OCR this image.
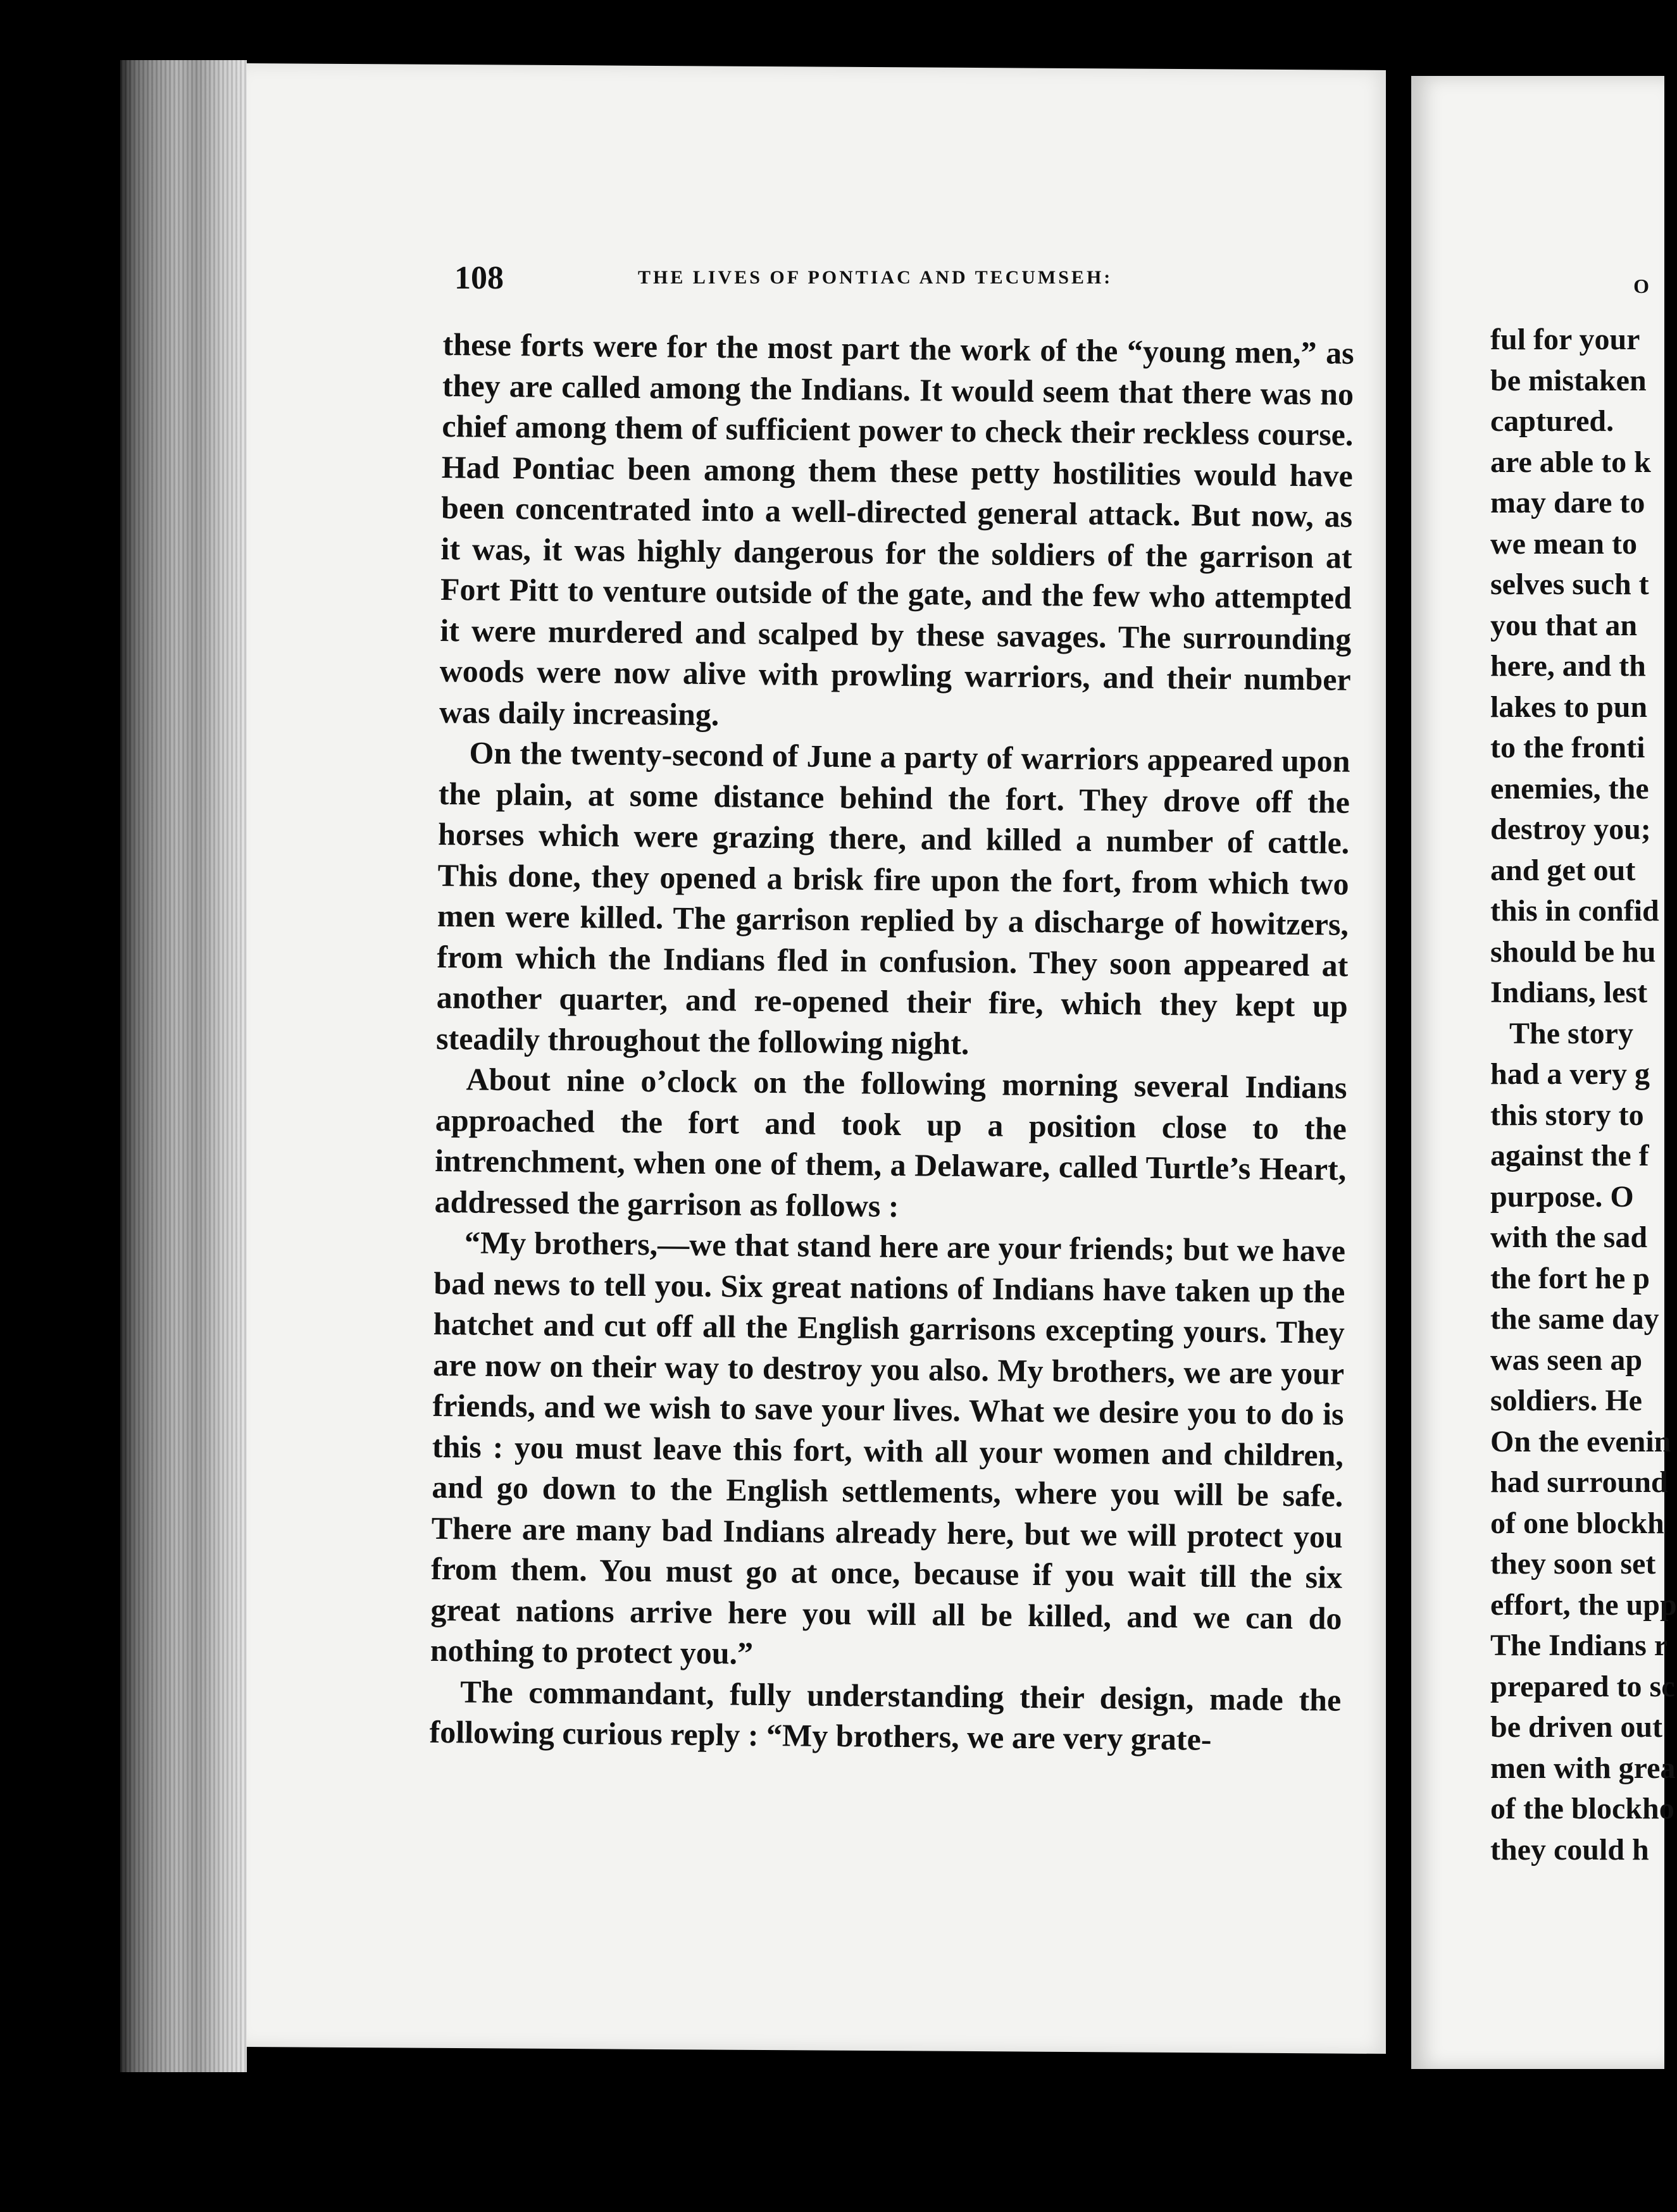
108	THE LIVES OF PONTIAC AND TECUMSEH:

these forts were for the most part the work of the “young men,” as they are called among the Indians. It would seem that there was no chief among them of sufficient power to check their reckless course. Had Pontiac been among them these petty hostilities would have been concentrated into a well-directed general attack. But now, as it was, it was highly dangerous for the soldiers of the garrison at Fort Pitt to venture outside of the gate, and the few who attempted it were murdered and scalped by these savages. The surrounding woods were now alive with prowling warriors, and their number was daily increasing.

On the twenty-second of June a party of warriors appeared upon the plain, at some distance behind the fort. They drove off the horses which were grazing there, and killed a number of cattle. This done, they opened a brisk fire upon the fort, from which two men were killed. The garrison replied by a discharge of howitzers, from which the Indians fled in confusion. They soon appeared at another quarter, and re-opened their fire, which they kept up steadily throughout the following night.

About nine o’clock on the following morning several Indians approached the fort and took up a position close to the intrenchment, when one of them, a Delaware, called Turtle’s Heart, addressed the garrison as follows :

“My brothers,—we that stand here are your friends; but we have bad news to tell you. Six great nations of Indians have taken up the hatchet and cut off all the English garrisons excepting yours. They are now on their way to destroy you also. My brothers, we are your friends, and we wish to save your lives. What we desire you to do is this : you must leave this fort, with all your women and children, and go down to the English settlements, where you will be safe. There are many bad Indians already here, but we will protect you from them. You must go at once, because if you wait till the six great nations arrive here you will all be killed, and we can do nothing to protect you.”

The commandant, fully understanding their design, made the following curious reply : “My brothers, we are very grate-

O
ful for your
be mistaken
captured.
are able to k
may dare to
we mean to
selves such t
you that an
here, and th
lakes to pun
to the fronti
enemies, the
destroy you;
and get out
this in confid
should be hu
Indians, lest
The story
had a very g
this story to
against the f
purpose. O
with the sad
the fort he p
the same day
was seen ap
soldiers. He
On the evenin
had surround
of one blockh
they soon set
effort, the upp
The Indians r
prepared to sc
be driven out
men with grea
of the blockho
they could h
